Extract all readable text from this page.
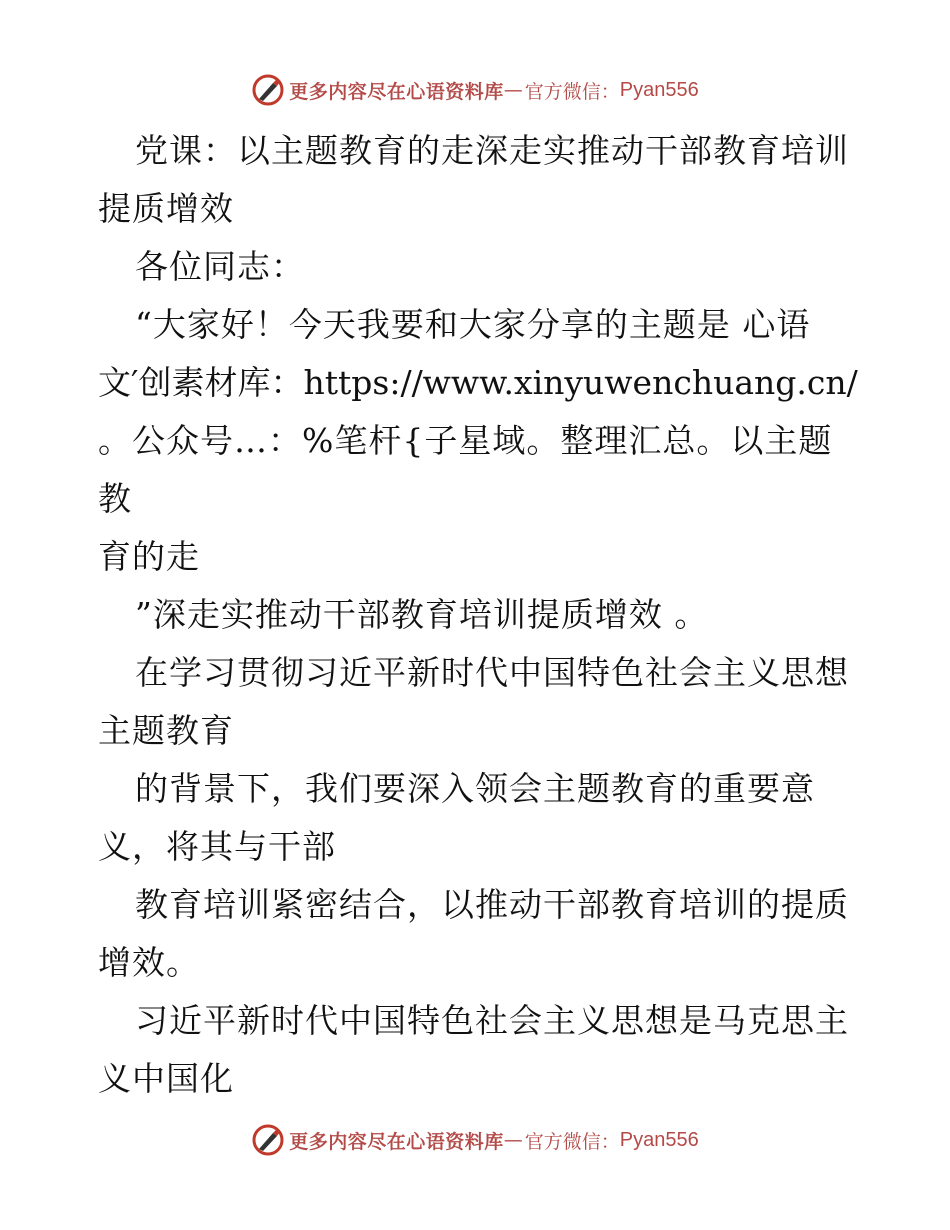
更多内容尽在心语资料库 — 官方微信： Pyan556

党课：以主题教育的走深走实推动干部教育培训

提质增效

各位同志：

“大家好！今天我要和大家分享的主题是 心语

文′创素材库：https://www.xinyuwenchuang.cn/

。公众号…：%笔杆{子星域。整理汇总。以主题教

育的走

”深走实推动干部教育培训提质增效 。

在学习贯彻习近平新时代中国特色社会主义思想

主题教育

的背景下，我们要深入领会主题教育的重要意

义，将其与干部

教育培训紧密结合，以推动干部教育培训的提质

增效。

习近平新时代中国特色社会主义思想是马克思主

义中国化

更多内容尽在心语资料库 — 官方微信： Pyan556
